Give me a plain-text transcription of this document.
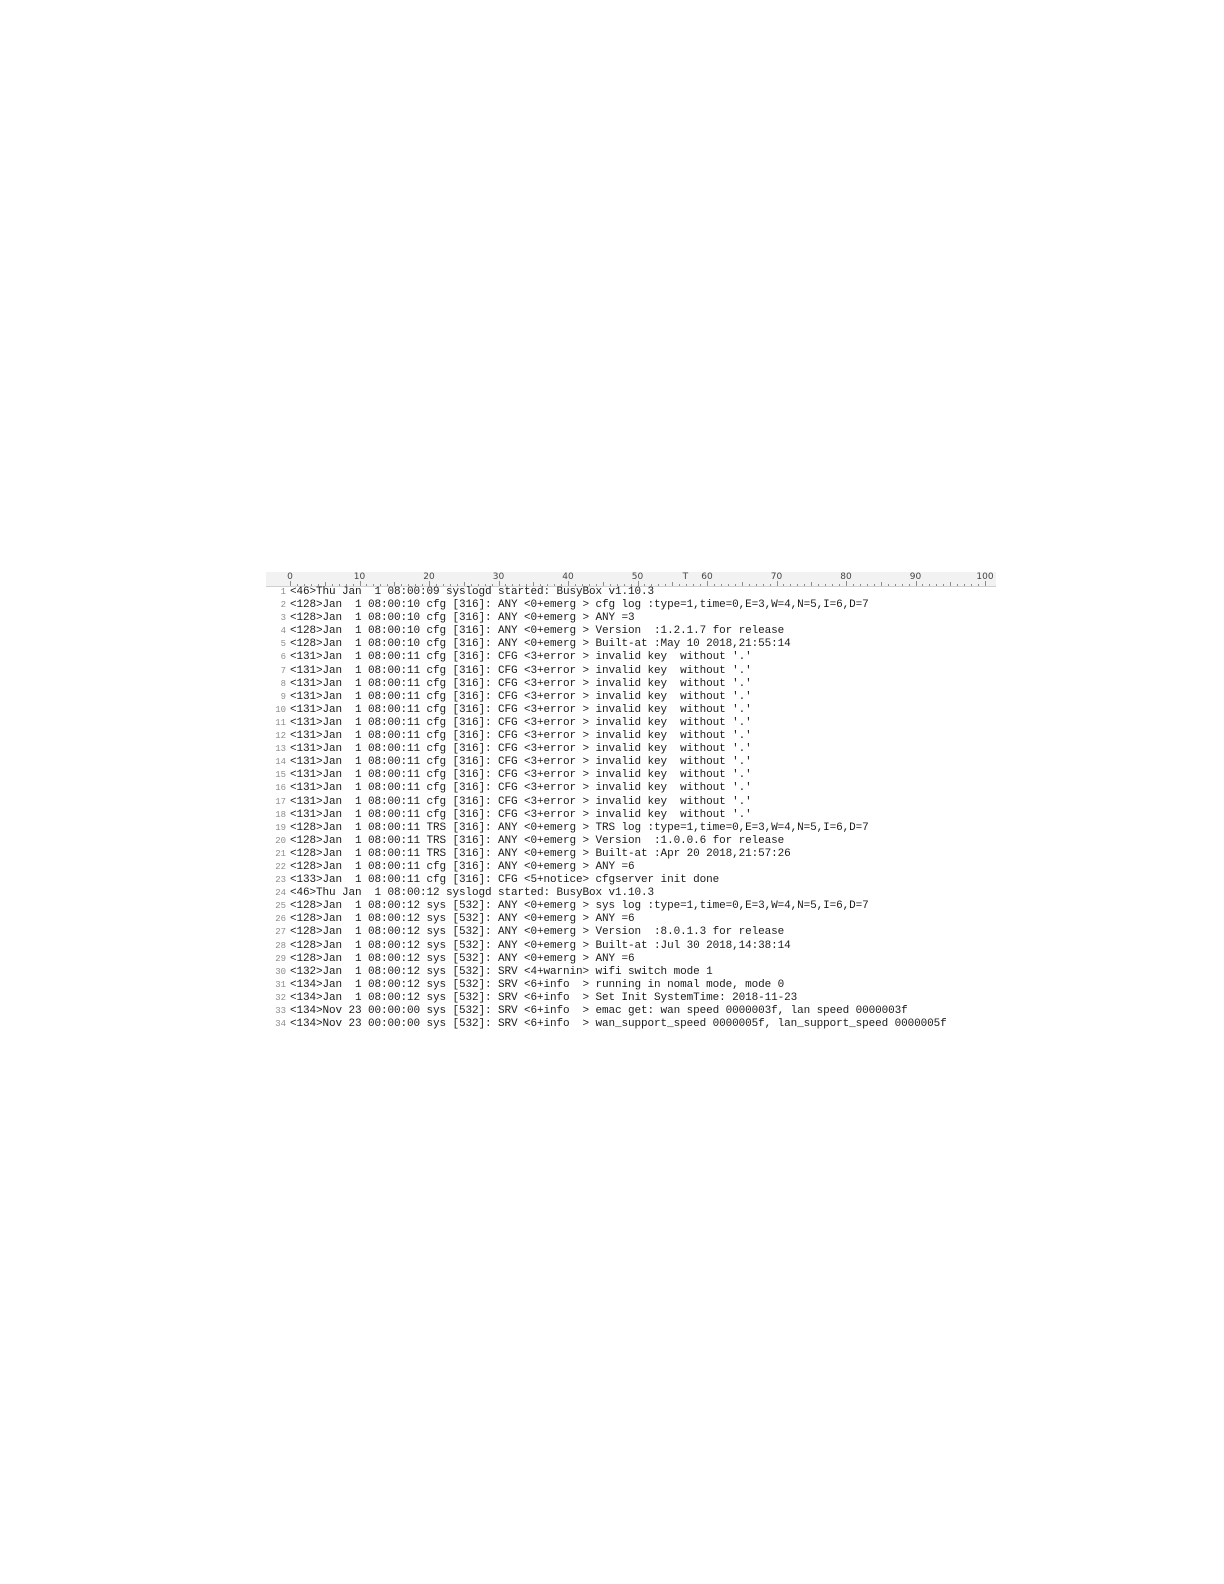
0	10	20	30	40	50	60	70	80	90	100
T
1 <46>Thu Jan  1 08:00:09 syslogd started: BusyBox v1.10.3
2 <128>Jan  1 08:00:10 cfg [316]: ANY <0+emerg > cfg log :type=1,time=0,E=3,W=4,N=5,I=6,D=7
3 <128>Jan  1 08:00:10 cfg [316]: ANY <0+emerg > ANY =3
4 <128>Jan  1 08:00:10 cfg [316]: ANY <0+emerg > Version  :1.2.1.7 for release
5 <128>Jan  1 08:00:10 cfg [316]: ANY <0+emerg > Built-at :May 10 2018,21:55:14
6 <131>Jan  1 08:00:11 cfg [316]: CFG <3+error > invalid key  without '.'
7 <131>Jan  1 08:00:11 cfg [316]: CFG <3+error > invalid key  without '.'
8 <131>Jan  1 08:00:11 cfg [316]: CFG <3+error > invalid key  without '.'
9 <131>Jan  1 08:00:11 cfg [316]: CFG <3+error > invalid key  without '.'
10 <131>Jan  1 08:00:11 cfg [316]: CFG <3+error > invalid key  without '.'
11 <131>Jan  1 08:00:11 cfg [316]: CFG <3+error > invalid key  without '.'
12 <131>Jan  1 08:00:11 cfg [316]: CFG <3+error > invalid key  without '.'
13 <131>Jan  1 08:00:11 cfg [316]: CFG <3+error > invalid key  without '.'
14 <131>Jan  1 08:00:11 cfg [316]: CFG <3+error > invalid key  without '.'
15 <131>Jan  1 08:00:11 cfg [316]: CFG <3+error > invalid key  without '.'
16 <131>Jan  1 08:00:11 cfg [316]: CFG <3+error > invalid key  without '.'
17 <131>Jan  1 08:00:11 cfg [316]: CFG <3+error > invalid key  without '.'
18 <131>Jan  1 08:00:11 cfg [316]: CFG <3+error > invalid key  without '.'
19 <128>Jan  1 08:00:11 TRS [316]: ANY <0+emerg > TRS log :type=1,time=0,E=3,W=4,N=5,I=6,D=7
20 <128>Jan  1 08:00:11 TRS [316]: ANY <0+emerg > Version  :1.0.0.6 for release
21 <128>Jan  1 08:00:11 TRS [316]: ANY <0+emerg > Built-at :Apr 20 2018,21:57:26
22 <128>Jan  1 08:00:11 cfg [316]: ANY <0+emerg > ANY =6
23 <133>Jan  1 08:00:11 cfg [316]: CFG <5+notice> cfgserver init done
24 <46>Thu Jan  1 08:00:12 syslogd started: BusyBox v1.10.3
25 <128>Jan  1 08:00:12 sys [532]: ANY <0+emerg > sys log :type=1,time=0,E=3,W=4,N=5,I=6,D=7
26 <128>Jan  1 08:00:12 sys [532]: ANY <0+emerg > ANY =6
27 <128>Jan  1 08:00:12 sys [532]: ANY <0+emerg > Version  :8.0.1.3 for release
28 <128>Jan  1 08:00:12 sys [532]: ANY <0+emerg > Built-at :Jul 30 2018,14:38:14
29 <128>Jan  1 08:00:12 sys [532]: ANY <0+emerg > ANY =6
30 <132>Jan  1 08:00:12 sys [532]: SRV <4+warnin> wifi switch mode 1
31 <134>Jan  1 08:00:12 sys [532]: SRV <6+info  > running in nomal mode, mode 0
32 <134>Jan  1 08:00:12 sys [532]: SRV <6+info  > Set Init SystemTime: 2018-11-23
33 <134>Nov 23 00:00:00 sys [532]: SRV <6+info  > emac get: wan speed 0000003f, lan speed 0000003f
34 <134>Nov 23 00:00:00 sys [532]: SRV <6+info  > wan_support_speed 0000005f, lan_support_speed 0000005f
